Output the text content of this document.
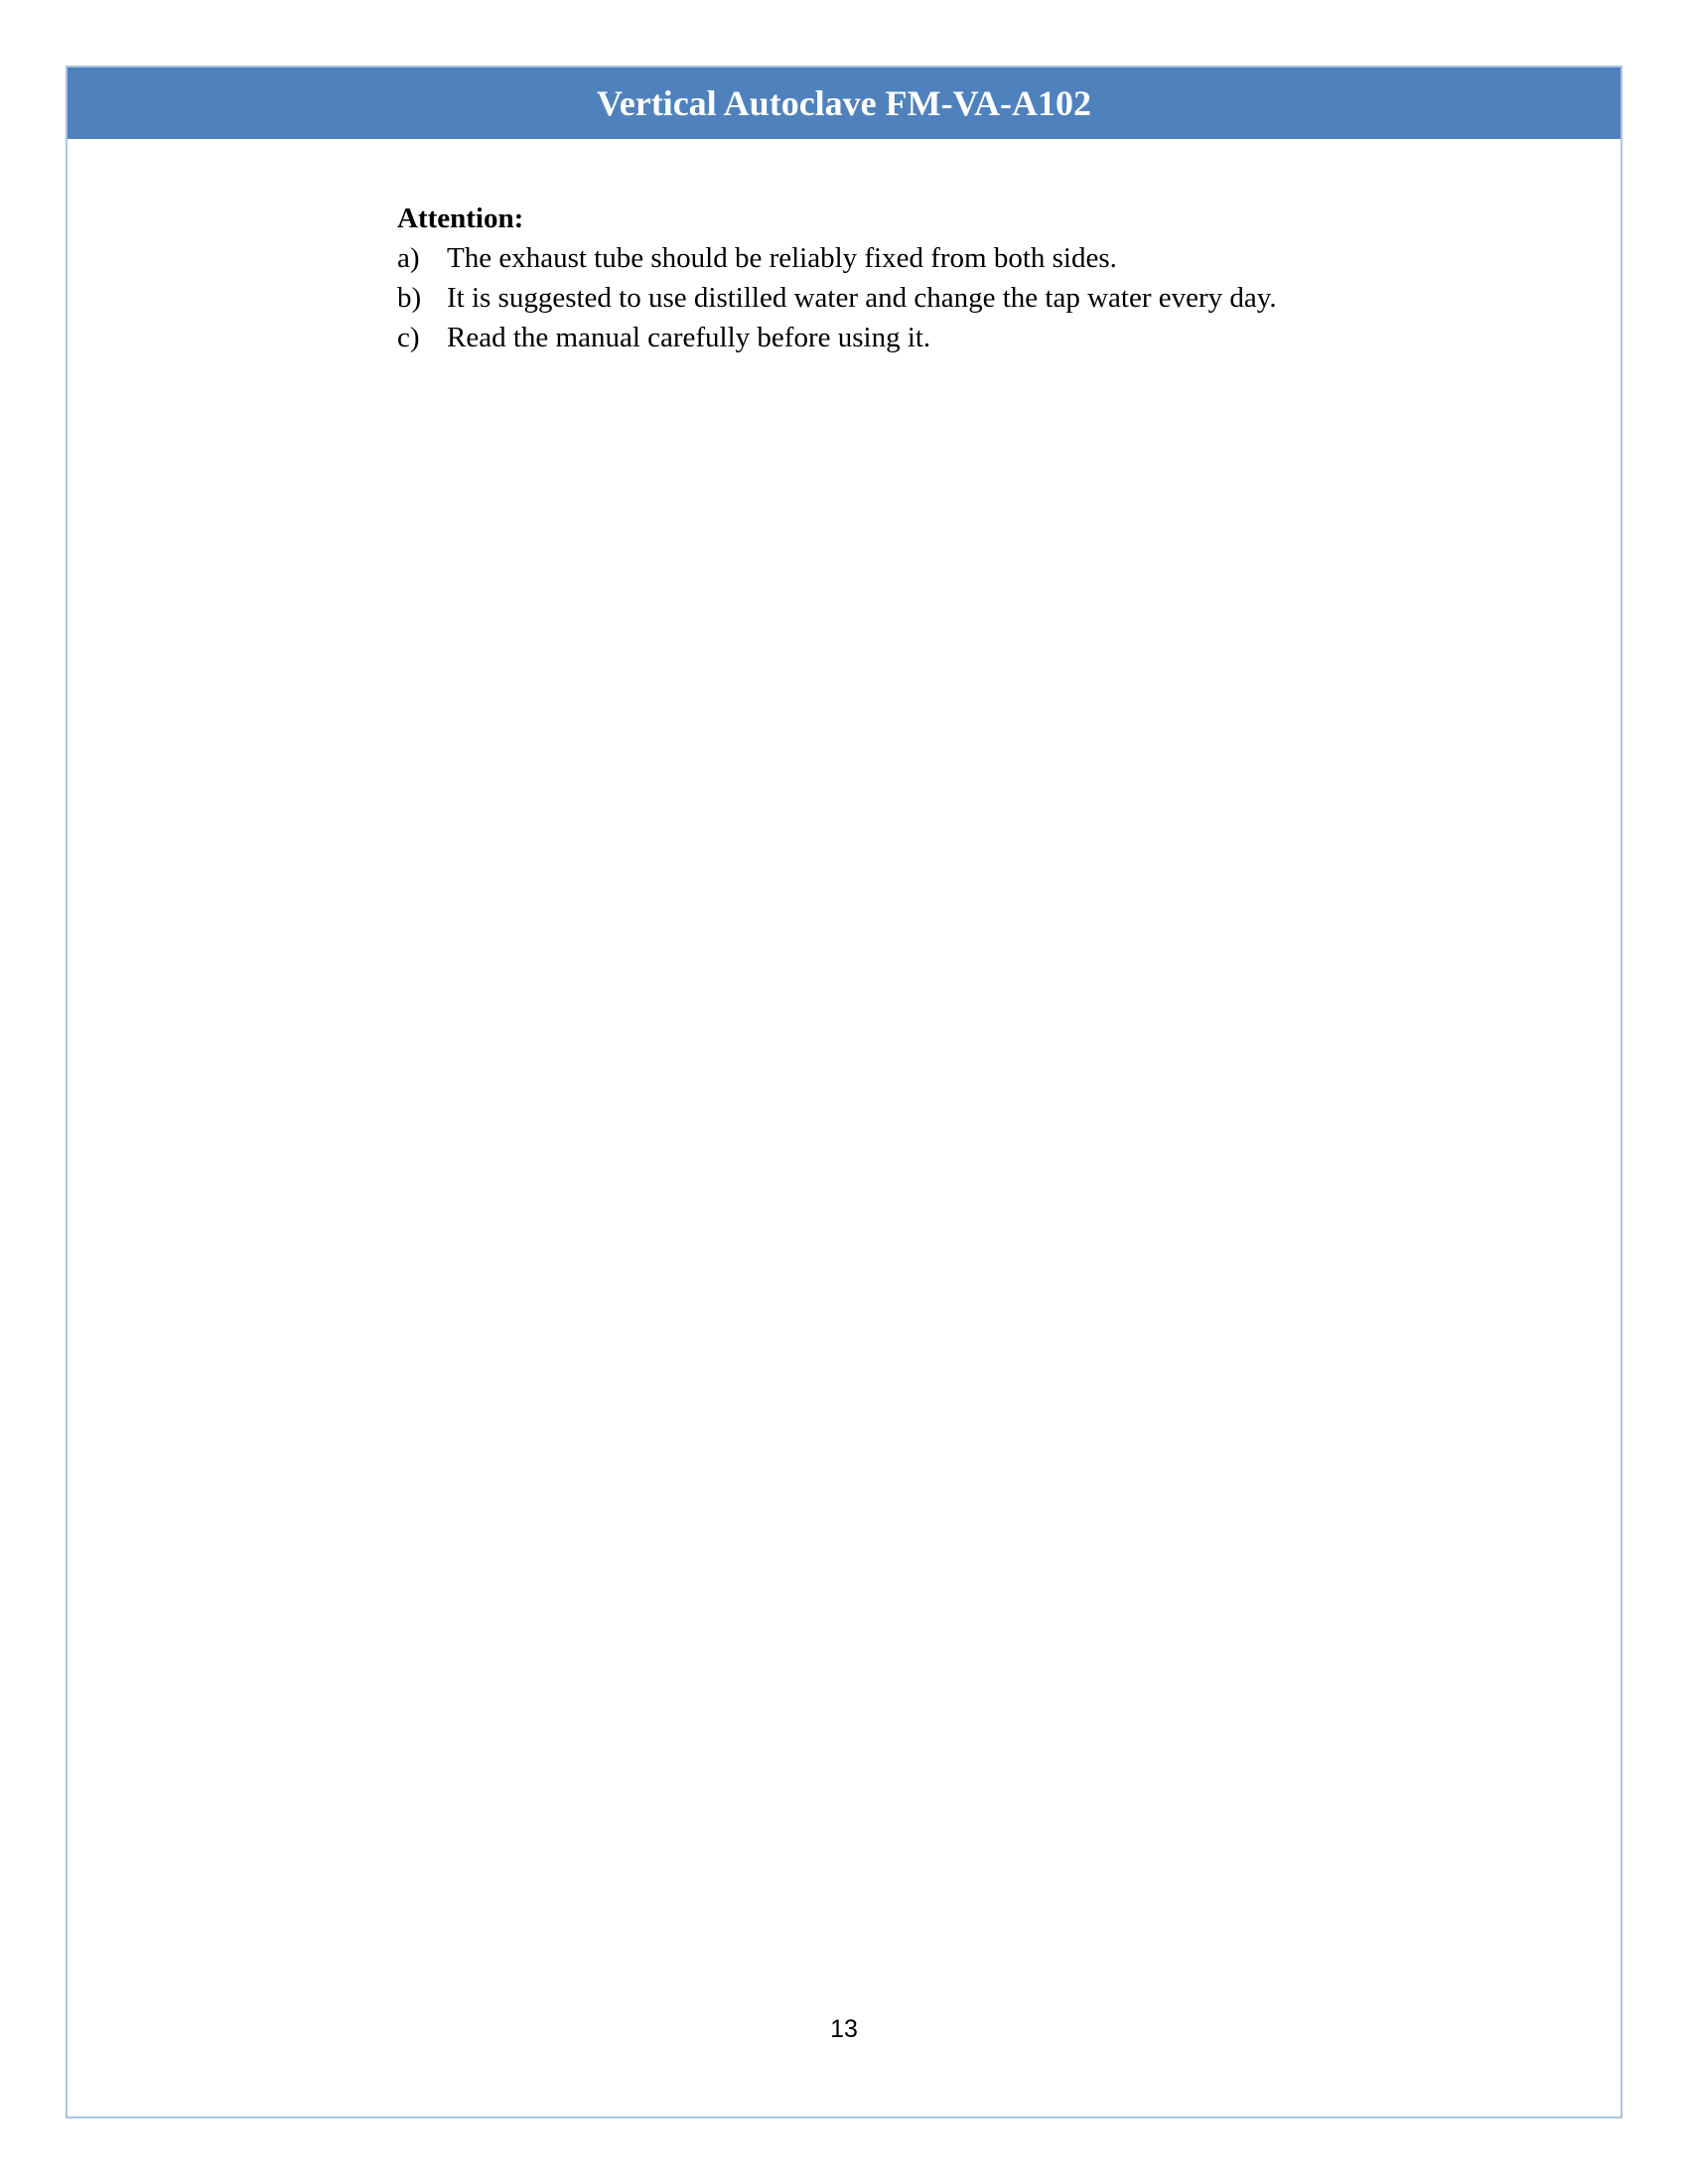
Vertical Autoclave FM-VA-A102
Attention:
a) The exhaust tube should be reliably fixed from both sides.
b) It is suggested to use distilled water and change the tap water every day.
c) Read the manual carefully before using it.
13
